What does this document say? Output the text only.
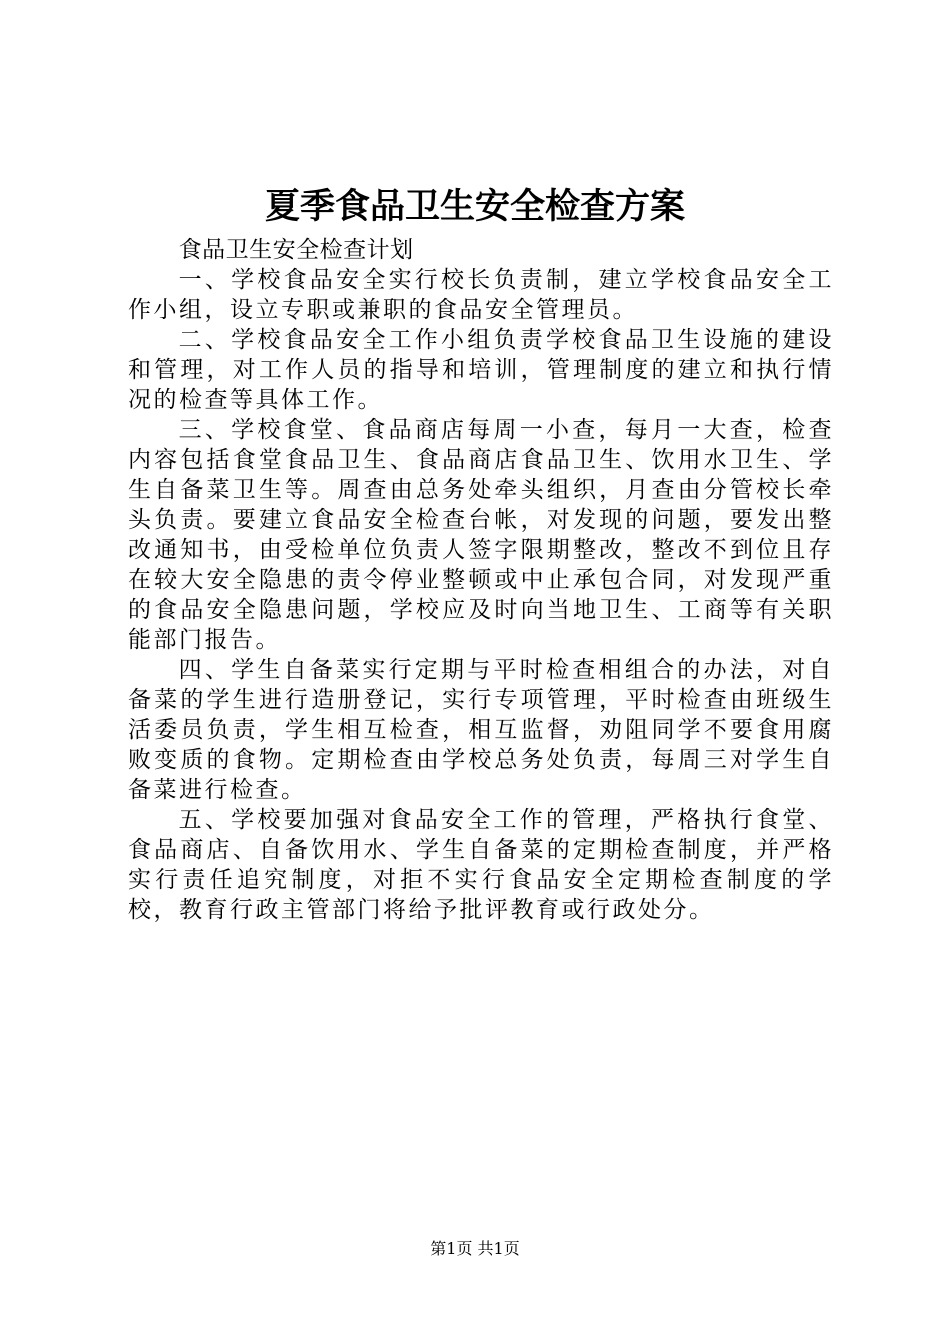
夏季食品卫生安全检查方案

食品卫生安全检查计划

一、学校食品安全实行校长负责制，建立学校食品安全工作小组，设立专职或兼职的食品安全管理员。

二、学校食品安全工作小组负责学校食品卫生设施的建设和管理，对工作人员的指导和培训，管理制度的建立和执行情况的检查等具体工作。

三、学校食堂、食品商店每周一小查，每月一大查，检查内容包括食堂食品卫生、食品商店食品卫生、饮用水卫生、学生自备菜卫生等。周查由总务处牵头组织，月查由分管校长牵头负责。要建立食品安全检查台帐，对发现的问题，要发出整改通知书，由受检单位负责人签字限期整改，整改不到位且存在较大安全隐患的责令停业整顿或中止承包合同，对发现严重的食品安全隐患问题，学校应及时向当地卫生、工商等有关职能部门报告。

四、学生自备菜实行定期与平时检查相组合的办法，对自备菜的学生进行造册登记，实行专项管理，平时检查由班级生活委员负责，学生相互检查，相互监督，劝阻同学不要食用腐败变质的食物。定期检查由学校总务处负责，每周三对学生自备菜进行检查。

五、学校要加强对食品安全工作的管理，严格执行食堂、食品商店、自备饮用水、学生自备菜的定期检查制度，并严格实行责任追究制度，对拒不实行食品安全定期检查制度的学校，教育行政主管部门将给予批评教育或行政处分。

第1页 共1页
